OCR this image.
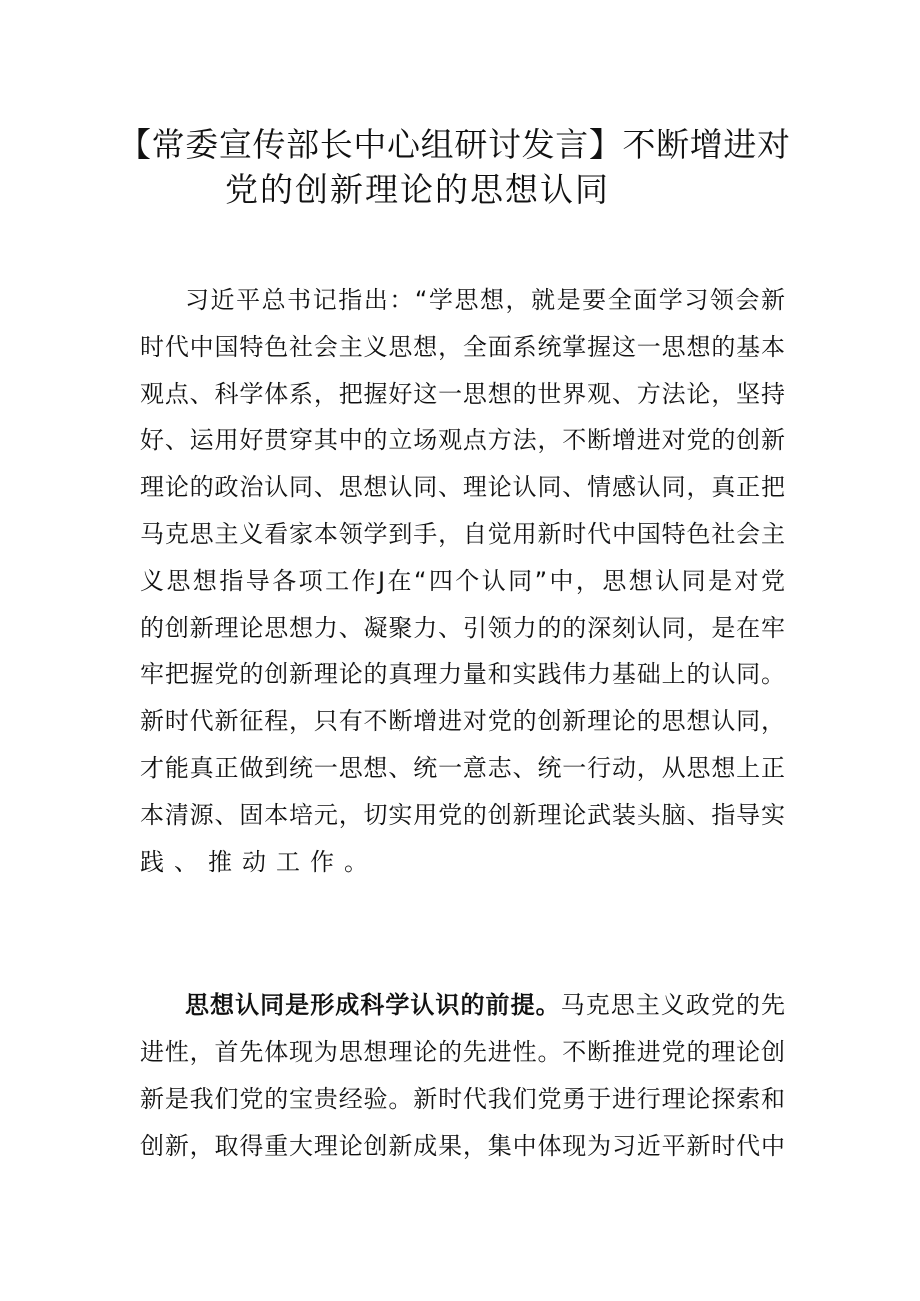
【常委宣传部长中心组研讨发言】不断增进对
党的创新理论的思想认同
习近平总书记指出：“学思想，就是要全面学习领会新
时代中国特色社会主义思想，全面系统掌握这一思想的基本
观点、科学体系，把握好这一思想的世界观、方法论，坚持
好、运用好贯穿其中的立场观点方法，不断增进对党的创新
理论的政治认同、思想认同、理论认同、情感认同，真正把
马克思主义看家本领学到手，自觉用新时代中国特色社会主
义思想指导各项工作J在“四个认同”中，思想认同是对党
的创新理论思想力、凝聚力、引领力的的深刻认同，是在牢
牢把握党的创新理论的真理力量和实践伟力基础上的认同。
新时代新征程，只有不断增进对党的创新理论的思想认同，
才能真正做到统一思想、统一意志、统一行动，从思想上正
本清源、固本培元，切实用党的创新理论武装头脑、指导实
践、推动工作。
思想认同是形成科学认识的前提。马克思主义政党的先
进性，首先体现为思想理论的先进性。不断推进党的理论创
新是我们党的宝贵经验。新时代我们党勇于进行理论探索和
创新，取得重大理论创新成果，集中体现为习近平新时代中
